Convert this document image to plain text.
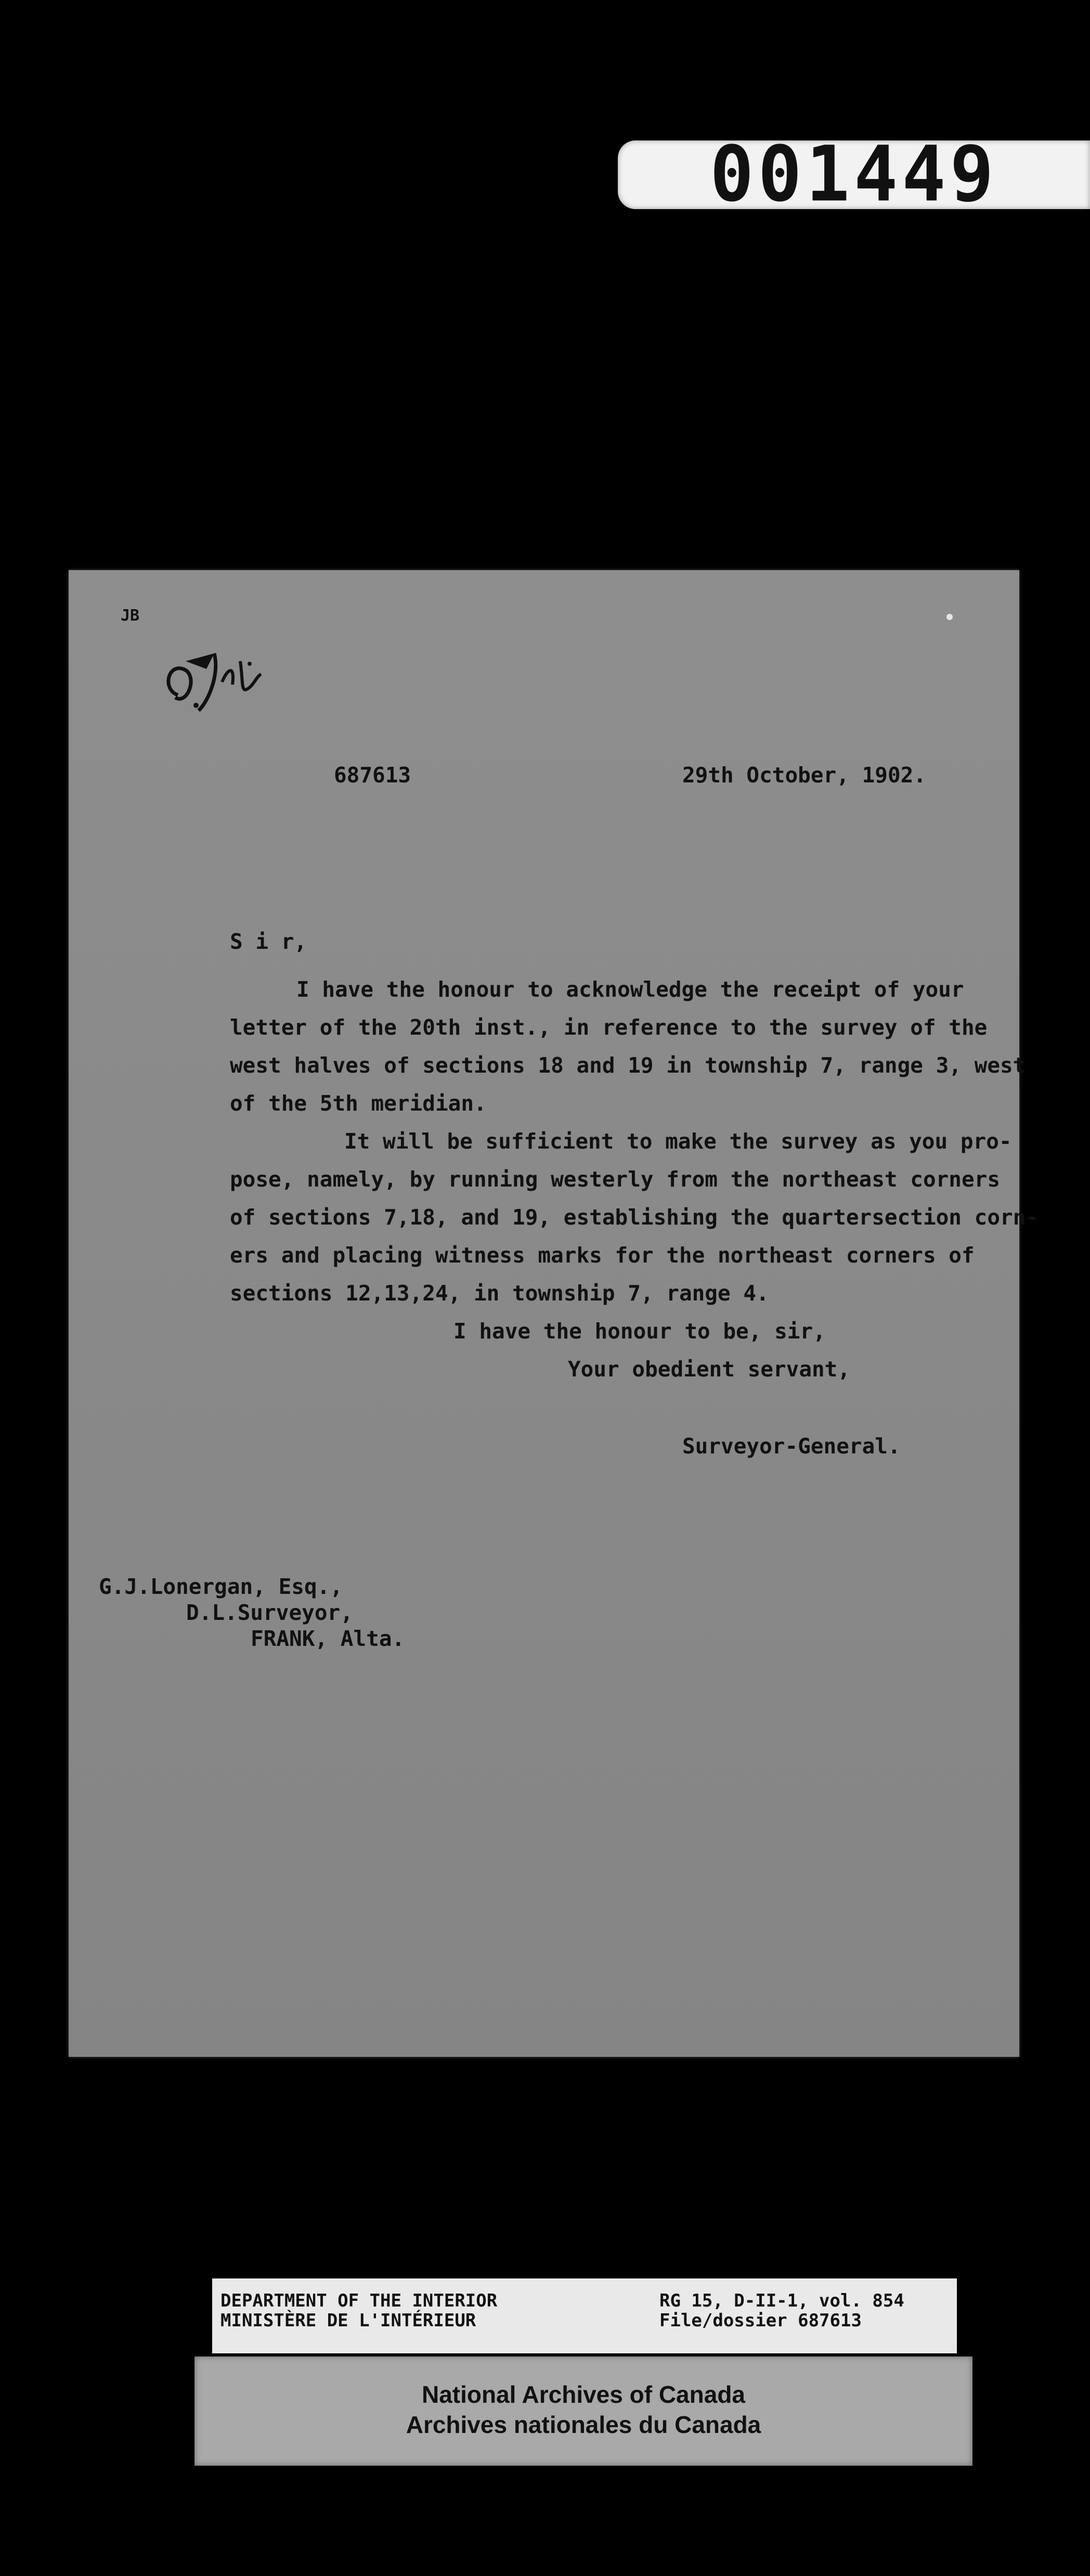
001449
JB
687613	29th October, 1902.
S i r,
I have the honour to acknowledge the receipt of your
letter of the 20th inst., in reference to the survey of the
west halves of sections 18 and 19 in township 7, range 3, west
of the 5th meridian.
It will be sufficient to make the survey as you pro-
pose, namely, by running westerly from the northeast corners
of sections 7,18, and 19, establishing the quartersection corn-
ers and placing witness marks for the northeast corners of
sections 12,13,24, in township 7, range 4.
I have the honour to be, sir,
Your obedient servant,
Surveyor-General.
G.J.Lonergan, Esq.,
D.L.Surveyor,
FRANK, Alta.
DEPARTMENT OF THE INTERIOR
MINISTÈRE DE L'INTÉRIEUR
RG 15, D-II-1, vol. 854
File/dossier 687613
National Archives of Canada
Archives nationales du Canada
